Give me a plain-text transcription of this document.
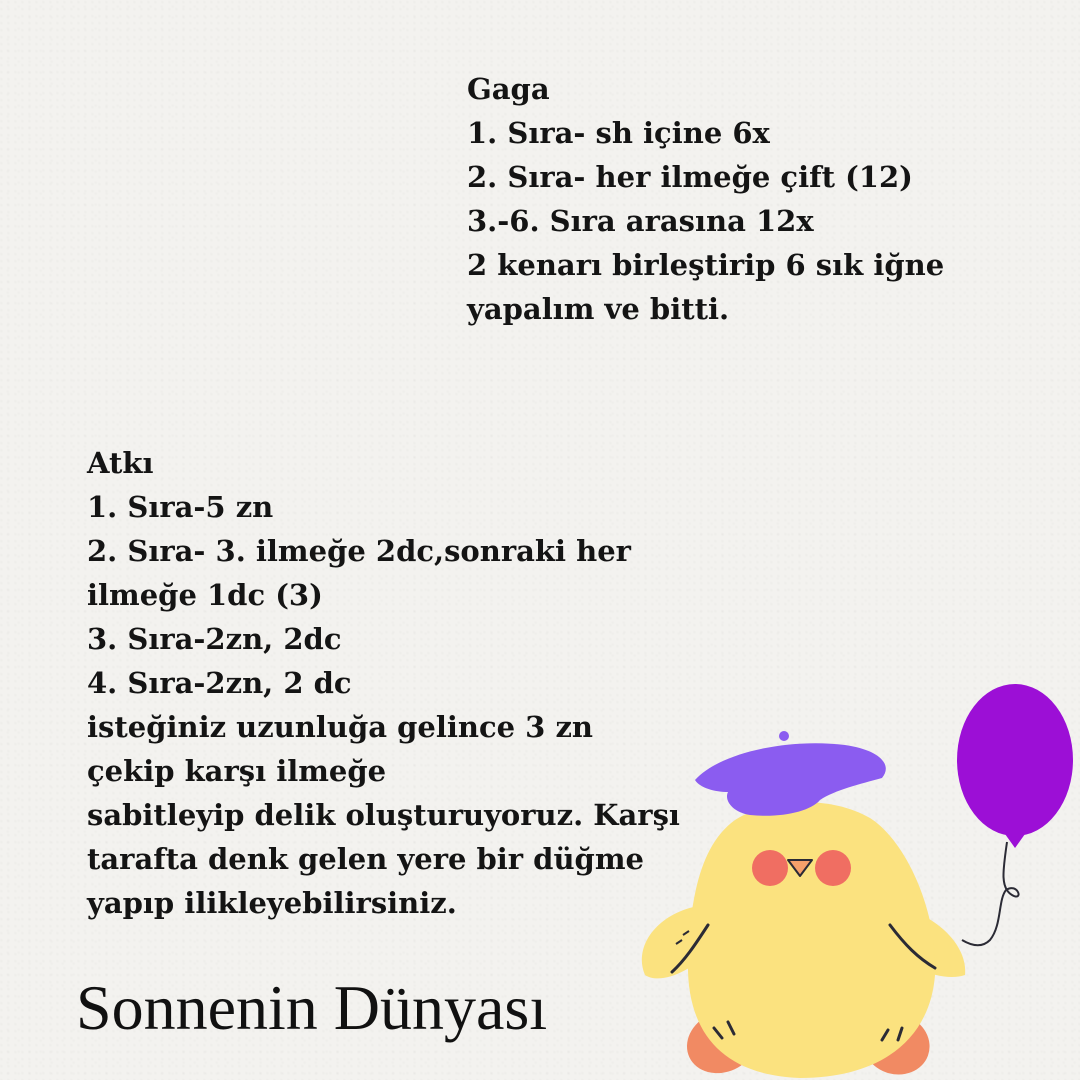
Gaga
1. Sıra- sh içine 6x
2. Sıra- her ilmeğe çift (12)
3.-6. Sıra arasına 12x
2 kenarı birleştirip 6 sık iğne
yapalım ve bitti.
Atkı
1. Sıra-5 zn
2. Sıra- 3. ilmeğe 2dc,sonraki her
ilmeğe 1dc (3)
3. Sıra-2zn, 2dc
4. Sıra-2zn, 2 dc
isteğiniz uzunluğa gelince 3 zn
çekip karşı ilmeğe
sabitleyip delik oluşturuyoruz. Karşı
tarafta denk gelen yere bir düğme
yapıp ilikleyebilirsiniz.
Sonnenin Dünyası
